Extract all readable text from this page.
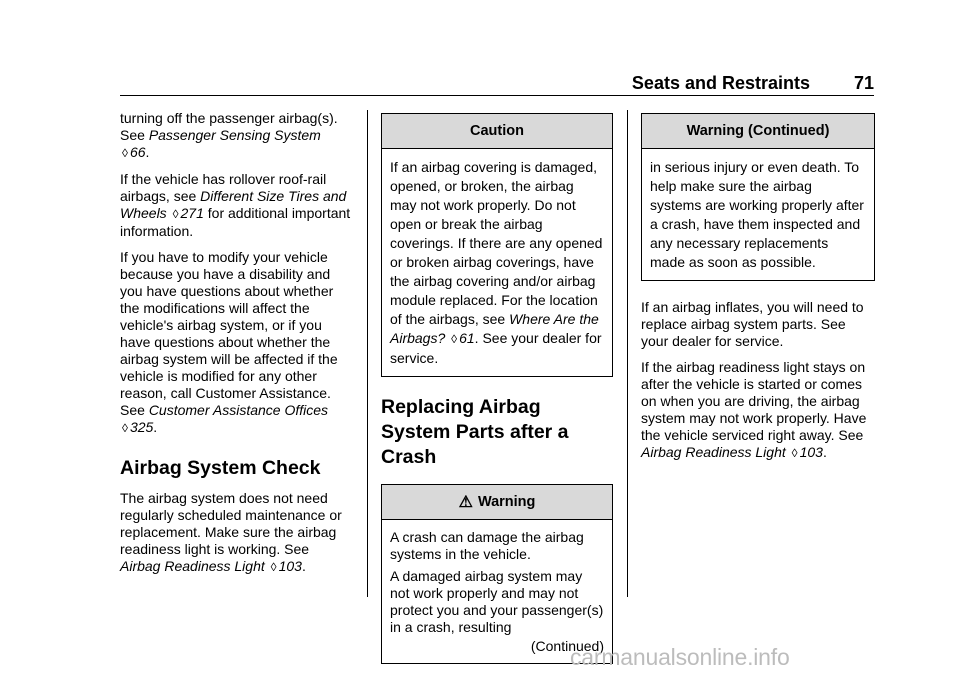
Seats and Restraints 71

turning off the passenger airbag(s). See Passenger Sensing System
◊ 66.

If the vehicle has rollover roof-rail airbags, see Different Size Tires and Wheels ◊ 271 for additional important information.

If you have to modify your vehicle because you have a disability and you have questions about whether the modifications will affect the vehicle's airbag system, or if you have questions about whether the airbag system will be affected if the vehicle is modified for any other reason, call Customer Assistance. See Customer Assistance Offices
◊ 325.

Airbag System Check

The airbag system does not need regularly scheduled maintenance or replacement. Make sure the airbag readiness light is working. See Airbag Readiness Light ◊ 103.

Caution
If an airbag covering is damaged, opened, or broken, the airbag may not work properly. Do not open or break the airbag coverings. If there are any opened or broken airbag coverings, have the airbag covering and/or airbag module replaced. For the location of the airbags, see Where Are the Airbags? ◊ 61. See your dealer for service.
Replacing Airbag System Parts after a Crash
⚠ Warning

A crash can damage the airbag systems in the vehicle.

A damaged airbag system may not work properly and may not protect you and your passenger(s) in a crash, resulting

(Continued)
Warning (Continued)
in serious injury or even death. To help make sure the airbag systems are working properly after a crash, have them inspected and any necessary replacements made as soon as possible.

If an airbag inflates, you will need to replace airbag system parts. See your dealer for service.

If the airbag readiness light stays on after the vehicle is started or comes on when you are driving, the airbag system may not work properly. Have the vehicle serviced right away. See Airbag Readiness Light ◊ 103.

carmanualsonline.info
